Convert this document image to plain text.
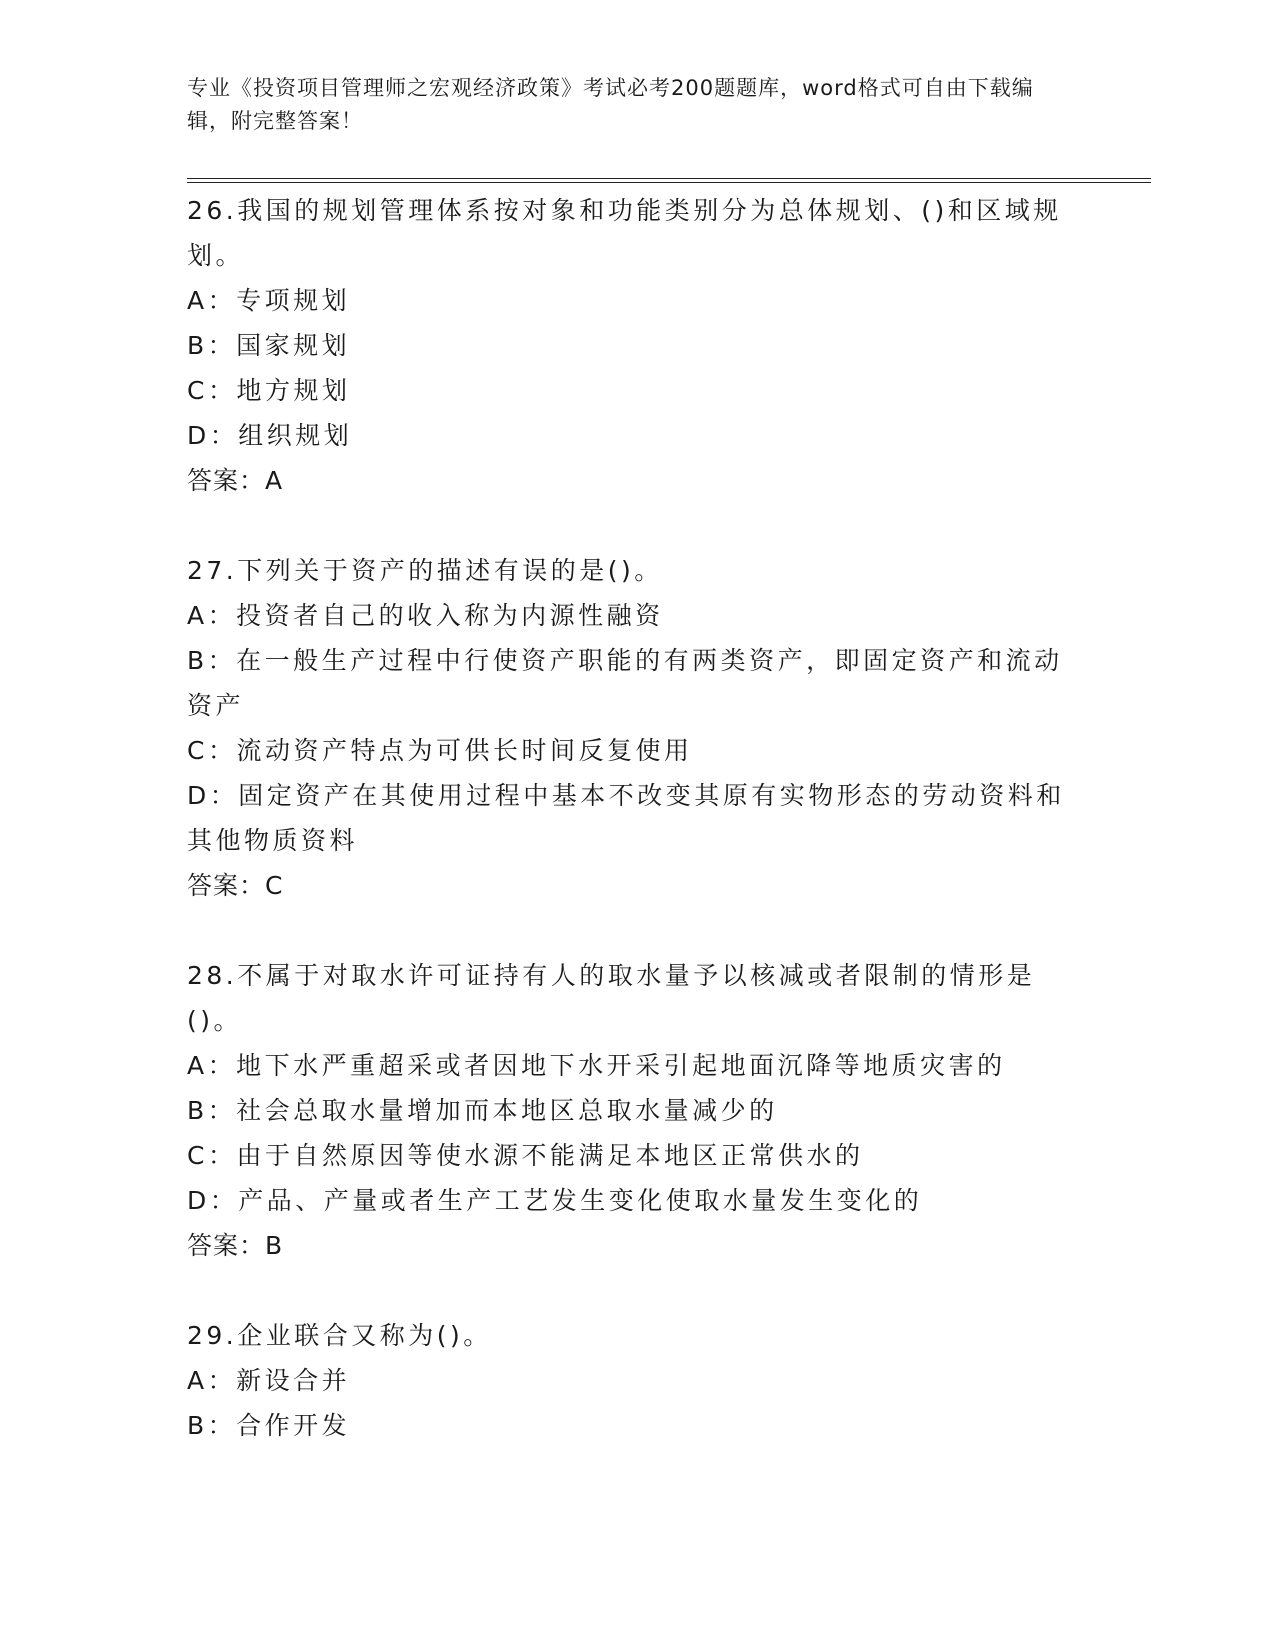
专业《投资项目管理师之宏观经济政策》考试必考200题题库，word格式可自由下载编辑，附完整答案！
26.我国的规划管理体系按对象和功能类别分为总体规划、()和区域规划。
A：专项规划
B：国家规划
C：地方规划
D：组织规划
答案：A
27.下列关于资产的描述有误的是()。
A：投资者自己的收入称为内源性融资
B：在一般生产过程中行使资产职能的有两类资产，即固定资产和流动资产
C：流动资产特点为可供长时间反复使用
D：固定资产在其使用过程中基本不改变其原有实物形态的劳动资料和其他物质资料
答案：C
28.不属于对取水许可证持有人的取水量予以核减或者限制的情形是()。
A：地下水严重超采或者因地下水开采引起地面沉降等地质灾害的
B：社会总取水量增加而本地区总取水量减少的
C：由于自然原因等使水源不能满足本地区正常供水的
D：产品、产量或者生产工艺发生变化使取水量发生变化的
答案：B
29.企业联合又称为()。
A：新设合并
B：合作开发
